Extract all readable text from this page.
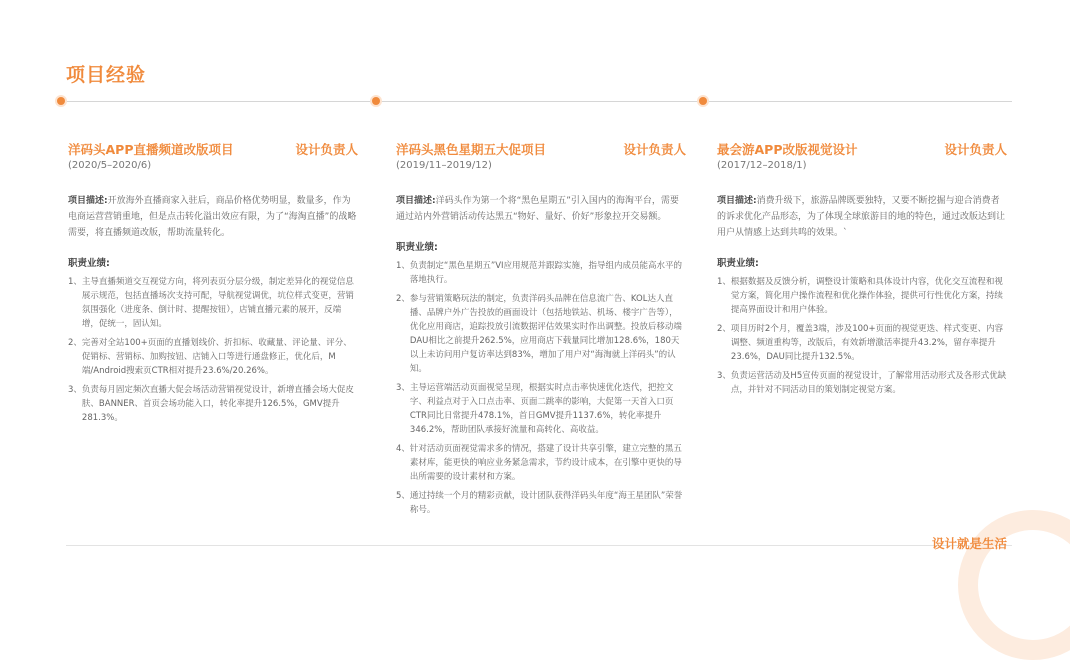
项目经验
洋码头APP直播频道改版项目	设计负责人
(2020/5–2020/6)
项目描述:开放海外直播商家入驻后，商品价格优势明显，数量多，作为电商运营营销重地，但是点击转化溢出效应有限，为了“海淘直播”的战略需要，将直播频道改版，帮助流量转化。
职责业绩:
1、 主导直播频道交互视觉方向，将列表页分层分级，制定差异化的视觉信息展示规范，包括直播场次支持可配，导航视觉调优，坑位样式变更，营销氛围强化（进度条、倒计时、提醒按钮），店铺直播元素的展开，反端增，促统一，固认知。
2、 完善对全站100+页面的直播划线价、折扣标、收藏量、评论量、评分、促销标、营销标、加购按钮、店铺入口等进行通盘修正，优化后，M端/Android搜索页CTR相对提升23.6%/20.26%。
3、 负责每月固定频次直播大促会场活动营销视觉设计，新增直播会场大促皮肤、BANNER、首页会场功能入口，转化率提升126.5%，GMV提升281.3%。
洋码头黑色星期五大促项目	设计负责人
(2019/11–2019/12)
项目描述:洋码头作为第一个将“黑色星期五”引入国内的海淘平台，需要通过站内外营销活动传达黑五“物好、量好、价好”形象拉开交易额。
职责业绩:
1、 负责制定“黑色星期五”VI应用规范并跟踪实施，指导组内成员能高水平的落地执行。
2、 参与营销策略玩法的制定，负责洋码头品牌在信息流广告、KOL达人直播、品牌户外广告投放的画面设计（包括地铁站、机场、楼宇广告等），优化应用商店，追踪投放引流数据评估效果实时作出调整。投放后移动端DAU相比之前提升262.5%，应用商店下载量同比增加128.6%，180天以上未访问用户复访率达到83%，增加了用户对“海淘就上洋码头”的认知。
3、 主导运营端活动页面视觉呈现，根据实时点击率快速优化迭代，把控文字、利益点对于入口点击率、页面二跳率的影响，大促第一天首入口页CTR同比日常提升478.1%，首日GMV提升1137.6%，转化率提升346.2%，帮助团队承接好流量和高转化、高收益。
4、 针对活动页面视觉需求多的情况，搭建了设计共享引擎，建立完整的黑五素材库，能更快的响应业务紧急需求，节约设计成本，在引擎中更快的导出所需要的设计素材和方案。
5、 通过持续一个月的精彩贡献，设计团队获得洋码头年度“海王星团队”荣誉称号。
最会游APP改版视觉设计	设计负责人
(2017/12–2018/1)
项目描述:消费升级下，旅游品牌既要独特，又要不断挖掘与迎合消费者的诉求优化产品形态，为了体现全球旅游目的地的特色，通过改版达到让用户从情感上达到共鸣的效果。`
职责业绩:
1、 根据数据及反馈分析，调整设计策略和具体设计内容，优化交互流程和视觉方案，简化用户操作流程和优化操作体验，提供可行性优化方案，持续提高界面设计和用户体验。
2、 项目历时2个月，覆盖3端，涉及100+页面的视觉更迭、样式变更、内容调整、频道重构等，改版后，有效新增激活率提升43.2%，留存率提升23.6%，DAU同比提升132.5%。
3、 负责运营活动及H5宣传页面的视觉设计，了解常用活动形式及各形式优缺点，并针对不同活动目的策划制定视觉方案。
设计就是生活
